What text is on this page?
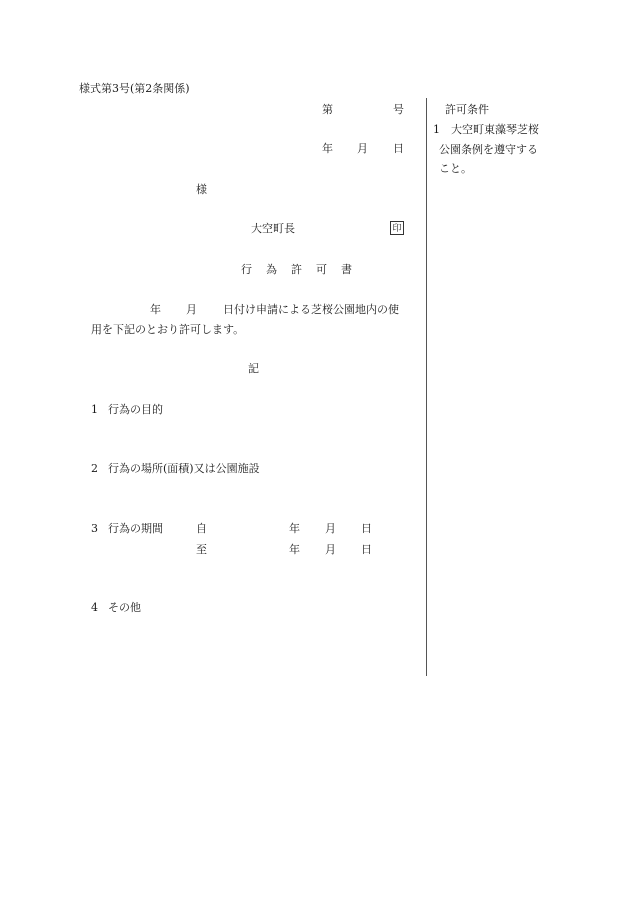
様式第3号(第2条関係)
第	号
年 月 日
様
大空町長	印
行 為 許 可 書
年 月 日付け申請による芝桜公園地内の使
用を下記のとおり許可します。
記
1 行為の目的
2 行為の場所(面積)又は公園施設
3 行為の期間	自	年 月 日
至	年 月 日
4 その他
許可条件
1 大空町東藻琴芝桜
公園条例を遵守する
こと。
